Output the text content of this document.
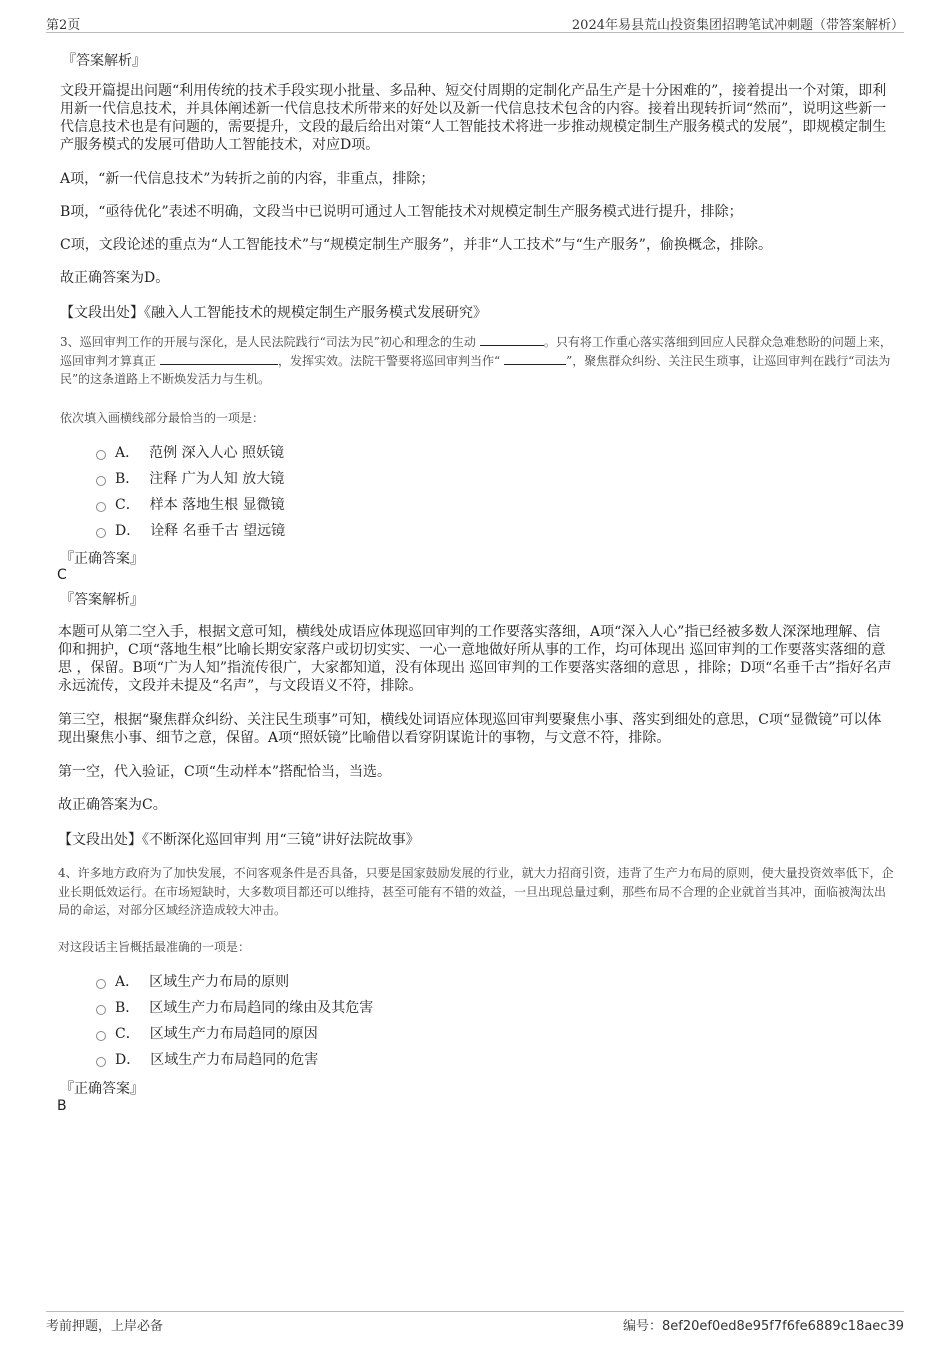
第2页	2024年易县荒山投资集团招聘笔试冲刺题（带答案解析）
『答案解析』
文段开篇提出问题“利用传统的技术手段实现小批量、多品种、短交付周期的定制化产品生产是十分困难的”，接着提出一个对策，即利用新一代信息技术，并具体阐述新一代信息技术所带来的好处以及新一代信息技术包含的内容。接着出现转折词“然而”，说明这些新一代信息技术也是有问题的，需要提升，文段的最后给出对策“人工智能技术将进一步推动规模定制生产服务模式的发展”，即规模定制生产服务模式的发展可借助人工智能技术，对应D项。
A项，“新一代信息技术”为转折之前的内容，非重点，排除；
B项，“亟待优化”表述不明确，文段当中已说明可通过人工智能技术对规模定制生产服务模式进行提升，排除；
C项，文段论述的重点为“人工智能技术”与“规模定制生产服务”，并非“人工技术”与“生产服务”，偷换概念，排除。
故正确答案为D。
【文段出处】《融入人工智能技术的规模定制生产服务模式发展研究》
3、巡回审判工作的开展与深化，是人民法院践行“司法为民”初心和理念的生动	。只有将工作重心落实落细到回应人民群众急难愁盼的问题上来，巡回审判才算真正	，发挥实效。法院干警要将巡回审判当作“	”，聚焦群众纠纷、关注民生琐事，让巡回审判在践行“司法为民”的这条道路上不断焕发活力与生机。
依次填入画横线部分最恰当的一项是：
A． 范例 深入人心 照妖镜
B． 注释 广为人知 放大镜
C． 样本 落地生根 显微镜
D． 诠释 名垂千古 望远镜
『正确答案』
C
『答案解析』
本题可从第二空入手，根据文意可知，横线处成语应体现巡回审判的工作要落实落细，A项“深入人心”指已经被多数人深深地理解、信仰和拥护，C项“落地生根”比喻长期安家落户或切切实实、一心一意地做好所从事的工作，均可体现出 巡回审判的工作要落实落细的意思 ，保留。B项“广为人知”指流传很广，大家都知道，没有体现出 巡回审判的工作要落实落细的意思 ，排除；D项“名垂千古”指好名声永远流传，文段并未提及“名声”，与文段语义不符，排除。
第三空，根据“聚焦群众纠纷、关注民生琐事”可知，横线处词语应体现巡回审判要聚焦小事、落实到细处的意思，C项“显微镜”可以体现出聚焦小事、细节之意，保留。A项“照妖镜”比喻借以看穿阴谋诡计的事物，与文意不符，排除。
第一空，代入验证，C项“生动样本”搭配恰当，当选。
故正确答案为C。
【文段出处】《不断深化巡回审判 用“三镜”讲好法院故事》
4、许多地方政府为了加快发展，不问客观条件是否具备，只要是国家鼓励发展的行业，就大力招商引资，违背了生产力布局的原则，使大量投资效率低下，企业长期低效运行。在市场短缺时，大多数项目都还可以维持，甚至可能有不错的效益，一旦出现总量过剩，那些布局不合理的企业就首当其冲，面临被淘汰出局的命运，对部分区域经济造成较大冲击。
对这段话主旨概括最准确的一项是：
A． 区域生产力布局的原则
B． 区域生产力布局趋同的缘由及其危害
C． 区域生产力布局趋同的原因
D． 区域生产力布局趋同的危害
『正确答案』
B
考前押题，上岸必备	编号：8ef20ef0ed8e95f7f6fe6889c18aec39
